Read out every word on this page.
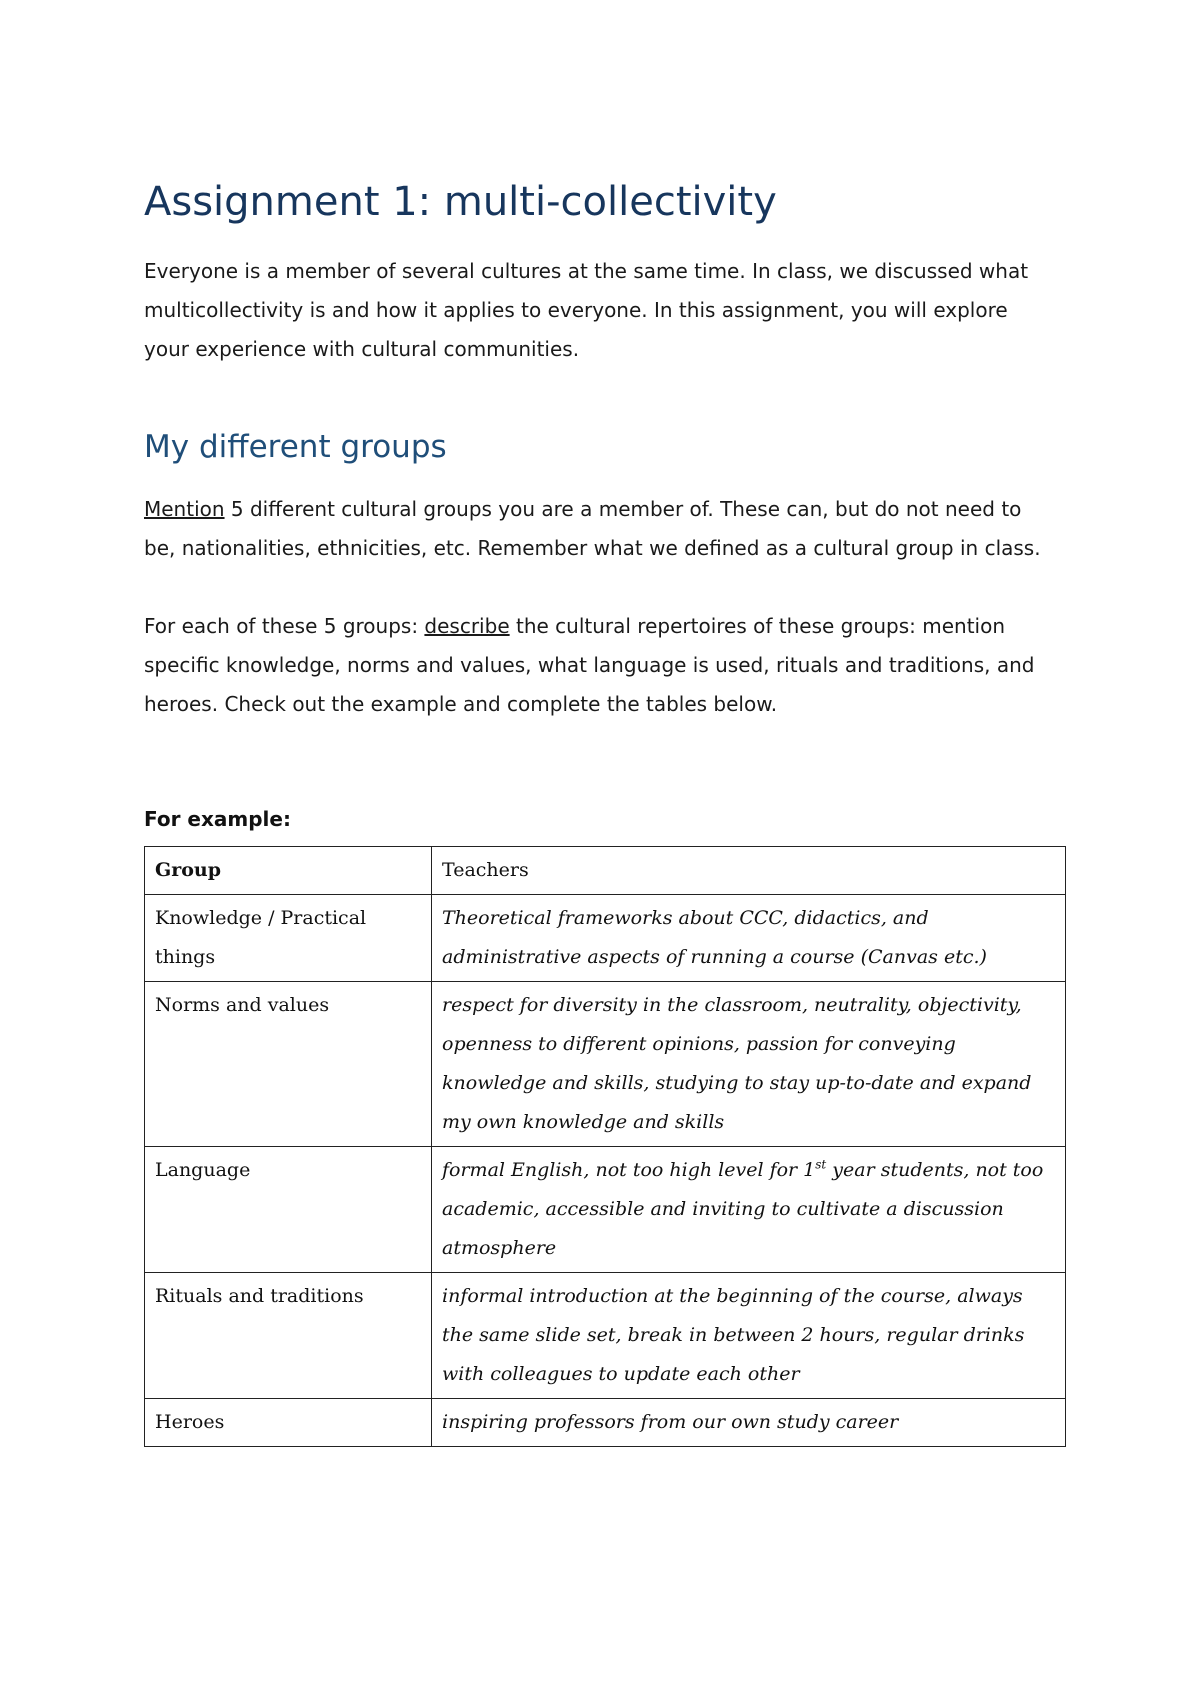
Assignment 1: multi-collectivity

Everyone is a member of several cultures at the same time. In class, we discussed what multicollectivity is and how it applies to everyone. In this assignment, you will explore your experience with cultural communities.

My different groups

Mention 5 different cultural groups you are a member of. These can, but do not need to be, nationalities, ethnicities, etc. Remember what we defined as a cultural group in class.

For each of these 5 groups: describe the cultural repertoires of these groups: mention specific knowledge, norms and values, what language is used, rituals and traditions, and heroes. Check out the example and complete the tables below.

For example:
Group	Teachers
Knowledge / Practical things	Theoretical frameworks about CCC, didactics, and administrative aspects of running a course (Canvas etc.)
Norms and values	respect for diversity in the classroom, neutrality, objectivity, openness to different opinions, passion for conveying knowledge and skills, studying to stay up-to-date and expand my own knowledge and skills
Language	formal English, not too high level for 1st year students, not too academic, accessible and inviting to cultivate a discussion atmosphere
Rituals and traditions	informal introduction at the beginning of the course, always the same slide set, break in between 2 hours, regular drinks with colleagues to update each other
Heroes	inspiring professors from our own study career
